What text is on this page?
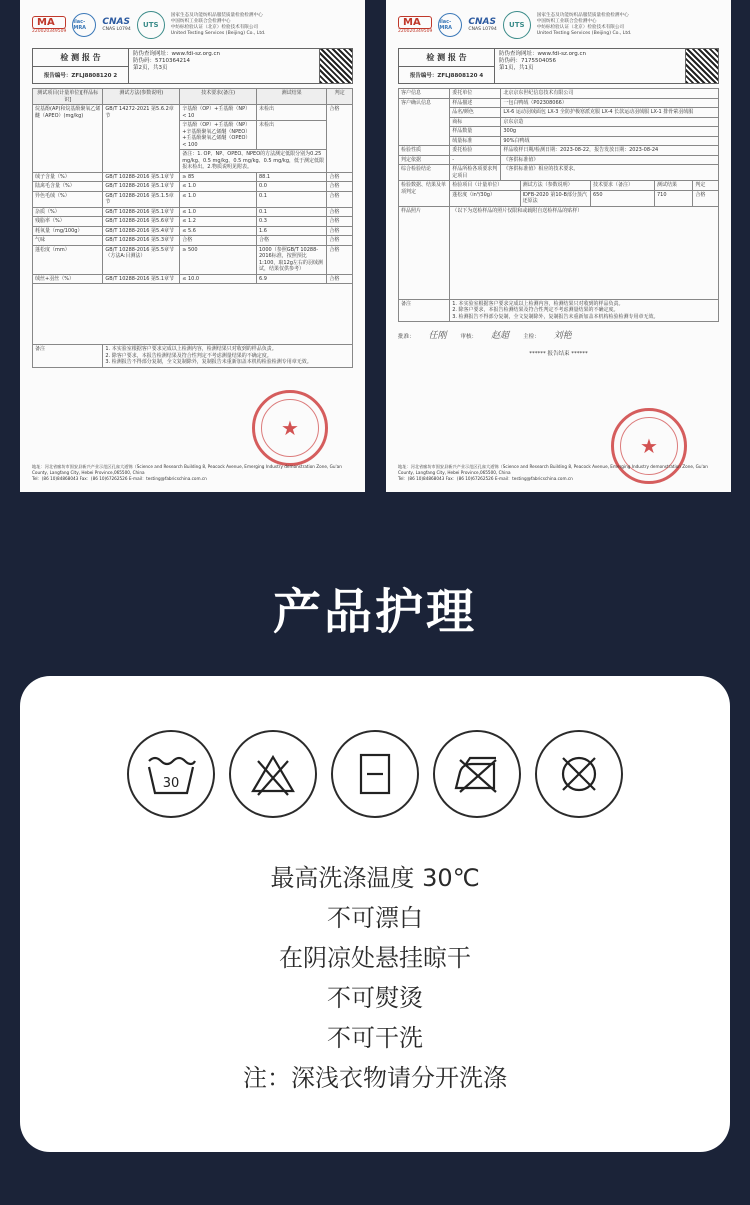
MA
220020349509
ilac-MRA
CNAS
CNAS L0794
UTS
国家生态及功能纺织品服装质量检验检测中心
中国纺织工业联合会检测中心
中纺标检验认证（北京）检验技术有限公司
United Testing Services (Beijing) Co., Ltd.
检 测 报 告
报告编号：ZFLJ8808120 2
防伪查询网址：www.fdi-sz.org.cn
防伪码：5710364214
第2页，共3页
测试项目(计量单位)[样品标识]	测试方法(参数说明)	技术要求(备注)	测试结果	判定
烷基酚(AP)和烷基酚聚氧乙烯醚（APEO）(mg/kg)	GB/T 14272-2021 第5.6.2章节	辛基酚（OP）+壬基酚（NP）< 10	未检出	合格
		辛基酚（OP）+壬基酚（NP）+辛基酚聚氧乙烯醚（NPEO）+壬基酚聚氧乙烯醚（OPEO）< 100	未检出	
		备注：1. OP、NP、OPEO、NPEO的方法测定低限分别为0.25 mg/kg、0.5 mg/kg、0.5 mg/kg、0.5 mg/kg，低于测定低限报未检出。2.物质说明见附表。		
绒子含量（%）	GB/T 10288-2016 第5.1章节	≥ 85	88.1	合格
陆禽毛含量（%）	GB/T 10288-2016 第5.1章节	≤ 1.0	0.0	合格
异色毛绒（%）	GB/T 10288-2016 第5.1.5章节	≤ 1.0	0.1	合格
杂质（%）	GB/T 10288-2016 第5.1章节	≤ 1.0	0.1	合格
残脂率（%）	GB/T 10288-2016 第5.6章节	≤ 1.2	0.3	合格
耗氧量（mg/100g）	GB/T 10288-2016 第5.4章节	≤ 5.6	1.6	合格
气味	GB/T 10288-2016 第5.3章节	合格	合格	合格
蓬松度（mm）	GB/T 10288-2016 第5.5章节（方法A:目测法）	≥ 500	1000（参照GB/T 10288-2016标准，按照预比1:100，取12g左右的羽绒测试，结果仅供参考）	合格
绒丝+羽丝（%）	GB/T 10288-2016 第5.1章节	≤ 10.0	6.9	合格

备注	1. 本实验室根据客户要求完成以上检测内容，检测结果只对收到的样品负责。
2. 除客户要求，本报告检测结果及符合性判定不考虑测量结果的不确定度。
3. 检测报告不得部分复制，全文复制除外，复制报告未重新加盖本机构检验检测专用章无效。			
★
地址：河北省廊坊市固安县新兴产业示范区孔雀大道锦（Science and Research Building 8, Peacock Avenue, Emerging Industry demonstration Zone, Gu'an County, Langfang City, Hebei Province,065500, China
Tel：(86 10)84868043 Fax：(86 10)67262526 E-mail：testing@fabricschina.com.cn
MA
220020349509
ilac-MRA
CNAS
CNAS L0794
UTS
国家生态及功能纺织品服装质量检验检测中心
中国纺织工业联合会检测中心
中纺标检验认证（北京）检验技术有限公司
United Testing Services (Beijing) Co., Ltd.
检 测 报 告
报告编号：ZFLJ8808120 4
防伪查询网址：www.fdi-sz.org.cn
防伪码：7175504056
第1页，共1页
客户信息	委托单位	北京京东世纪信息技术有限公司
客户确认信息	样品描述	一包白鸭绒（P02308066）
	品名/颜色	LX-6 运动羽绒面包 LX-3 全防护极寒派克服 LX-4 长款运动羽绒服 LX-1 排骨萦羽绒服
	商标	京东京造
	样品数量	300g
	绒量标准	90%白鸭绒
检验性质	委托检验	样品收样日期/检测日期：2023-08-22，报告发放日期：2023-08-24
判定依据	-	《客供标准值》
综合检验结论	样品所检各项要求判定项目	《客供标准值》相应的技术要求。
检验数据、结果及单项判定	检验项目（计量单位）	测试方法（参数说明）	技术要求（备注）	测试结果	判定
	蓬松度（in³/30g）	IDFB-2020 第10-B部分蒸汽还原法	650	710	合格
样品照片	（以下为送检样品的照片仅限和或载附自送检样品的贴样）				
备注	1. 本实验室根据客户要求完成以上检测内容，检测结果只对收到的样品负责。
2. 除客户要求，本报告检测结果及符合性判定不考虑测量结果的不确定度。
3. 检测报告不得部分复制，全文复制除外，复制报告未重新加盖本机构检验检测专用章无效。				
批准： 任刚	审核： 赵超	主检： 刘艳
****** 报告结束 ******
★
地址：河北省廊坊市固安县新兴产业示范区孔雀大道锦（Science and Research Building 8, Peacock Avenue, Emerging Industry demonstration Zone, Gu'an County, Langfang City, Hebei Province,065500, China
Tel：(86 10)84868043 Fax：(86 10)67262526 E-mail：testing@fabricschina.com.cn
产品护理
30
最高洗涤温度 30℃
不可漂白
在阴凉处悬挂晾干
不可熨烫
不可干洗
注：深浅衣物请分开洗涤
